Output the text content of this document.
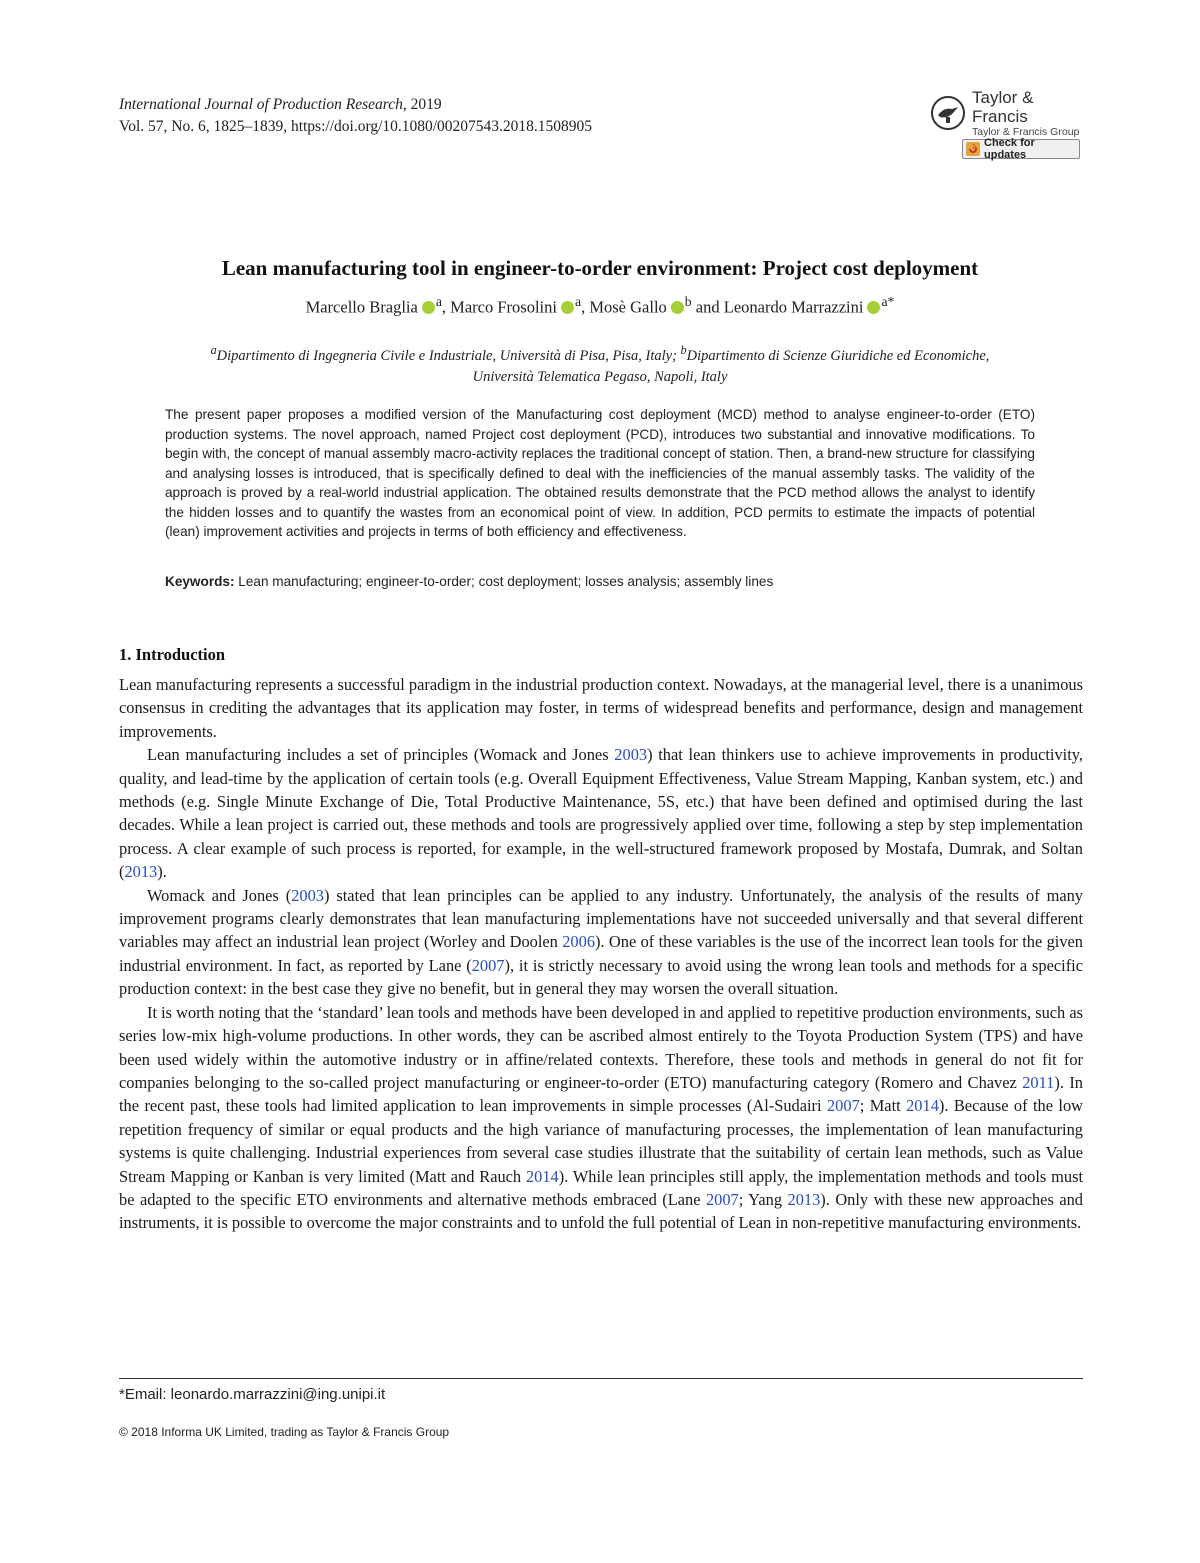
International Journal of Production Research, 2019
Vol. 57, No. 6, 1825–1839, https://doi.org/10.1080/00207543.2018.1508905
Taylor & Francis
Taylor & Francis Group
Check for updates
Lean manufacturing tool in engineer-to-order environment: Project cost deployment
Marcello Braglia $^a$, Marco Frosolini $^a$, Mosè Gallo $^b$ and Leonardo Marrazzini $^{a*}$
$^a$Dipartimento di Ingegneria Civile e Industriale, Università di Pisa, Pisa, Italy; $^b$Dipartimento di Scienze Giuridiche ed Economiche,
Università Telematica Pegaso, Napoli, Italy
The present paper proposes a modified version of the Manufacturing cost deployment (MCD) method to analyse engineer-to-order (ETO) production systems. The novel approach, named Project cost deployment (PCD), introduces two substantial and innovative modifications. To begin with, the concept of manual assembly macro-activity replaces the traditional concept of station. Then, a brand-new structure for classifying and analysing losses is introduced, that is specifically defined to deal with the inefficiencies of the manual assembly tasks. The validity of the approach is proved by a real-world industrial application. The obtained results demonstrate that the PCD method allows the analyst to identify the hidden losses and to quantify the wastes from an economical point of view. In addition, PCD permits to estimate the impacts of potential (lean) improvement activities and projects in terms of both efficiency and effectiveness.
Keywords: Lean manufacturing; engineer-to-order; cost deployment; losses analysis; assembly lines
1. Introduction

Lean manufacturing represents a successful paradigm in the industrial production context. Nowadays, at the managerial level, there is a unanimous consensus in crediting the advantages that its application may foster, in terms of widespread benefits and performance, design and management improvements.

Lean manufacturing includes a set of principles (Womack and Jones 2003) that lean thinkers use to achieve improvements in productivity, quality, and lead-time by the application of certain tools (e.g. Overall Equipment Effectiveness, Value Stream Mapping, Kanban system, etc.) and methods (e.g. Single Minute Exchange of Die, Total Productive Maintenance, 5S, etc.) that have been defined and optimised during the last decades. While a lean project is carried out, these methods and tools are progressively applied over time, following a step by step implementation process. A clear example of such process is reported, for example, in the well-structured framework proposed by Mostafa, Dumrak, and Soltan (2013).

Womack and Jones (2003) stated that lean principles can be applied to any industry. Unfortunately, the analysis of the results of many improvement programs clearly demonstrates that lean manufacturing implementations have not succeeded universally and that several different variables may affect an industrial lean project (Worley and Doolen 2006). One of these variables is the use of the incorrect lean tools for the given industrial environment. In fact, as reported by Lane (2007), it is strictly necessary to avoid using the wrong lean tools and methods for a specific production context: in the best case they give no benefit, but in general they may worsen the overall situation.

It is worth noting that the ‘standard’ lean tools and methods have been developed in and applied to repetitive production environments, such as series low-mix high-volume productions. In other words, they can be ascribed almost entirely to the Toyota Production System (TPS) and have been used widely within the automotive industry or in affine/related contexts. Therefore, these tools and methods in general do not fit for companies belonging to the so-called project manufacturing or engineer-to-order (ETO) manufacturing category (Romero and Chavez 2011). In the recent past, these tools had limited application to lean improvements in simple processes (Al-Sudairi 2007; Matt 2014). Because of the low repetition frequency of similar or equal products and the high variance of manufacturing processes, the implementation of lean manufacturing systems is quite challenging. Industrial experiences from several case studies illustrate that the suitability of certain lean methods, such as Value Stream Mapping or Kanban is very limited (Matt and Rauch 2014). While lean principles still apply, the implementation methods and tools must be adapted to the specific ETO environments and alternative methods embraced (Lane 2007; Yang 2013). Only with these new approaches and instruments, it is possible to overcome the major constraints and to unfold the full potential of Lean in non-repetitive manufacturing environments.

*Email: leonardo.marrazzini@ing.unipi.it
© 2018 Informa UK Limited, trading as Taylor & Francis Group
